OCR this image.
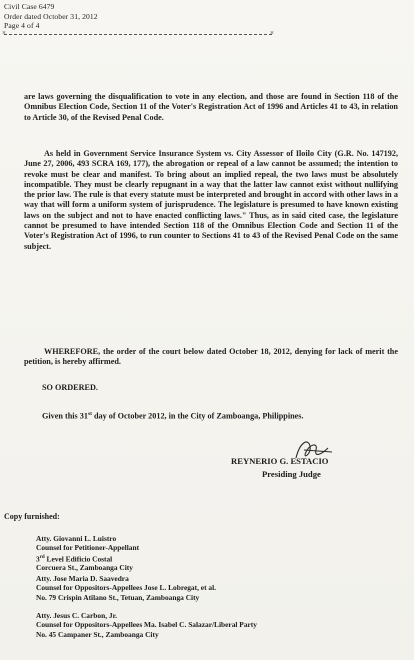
Civil Case 6479
Order dated October 31, 2012
Page 4 of 4
×	×
are laws governing the disqualification to vote in any election, and those are found in Section 118 of the Omnibus Election Code, Section 11 of the Voter's Registration Act of 1996 and Articles 41 to 43, in relation to Article 30, of the Revised Penal Code.
As held in Government Service Insurance System vs. City Assessor of Iloilo City (G.R. No. 147192, June 27, 2006, 493 SCRA 169, 177), the abrogation or repeal of a law cannot be assumed; the intention to revoke must be clear and manifest. To bring about an implied repeal, the two laws must be absolutely incompatible. They must be clearly repugnant in a way that the latter law cannot exist without nullifying the prior law. The rule is that every statute must be interpreted and brought in accord with other laws in a way that will form a uniform system of jurisprudence. The legislature is presumed to have known existing laws on the subject and not to have enacted conflicting laws." Thus, as in said cited case, the legislature cannot be presumed to have intended Section 118 of the Omnibus Election Code and Section 11 of the Voter's Registration Act of 1996, to run counter to Sections 41 to 43 of the Revised Penal Code on the same subject.
WHEREFORE, the order of the court below dated October 18, 2012, denying for lack of merit the petition, is hereby affirmed.
SO ORDERED.
Given this 31st day of October 2012, in the City of Zamboanga, Philippines.
REYNERIO G. ESTACIO
Presiding Judge
Copy furnished:
Atty. Giovanni L. Luistro
Counsel for Petitioner-Appellant
3rd Level Edificio Costal
Corcuera St., Zamboanga City
Atty. Jose Maria D. Saavedra
Counsel for Oppositors-Appellees Jose L. Lobregat, et al.
No. 79 Crispin Atilano St., Tetuan, Zamboanga City
Atty. Jesus C. Carbon, Jr.
Counsel for Oppositors-Appellees Ma. Isabel C. Salazar/Liberal Party
No. 45 Campaner St., Zamboanga City
